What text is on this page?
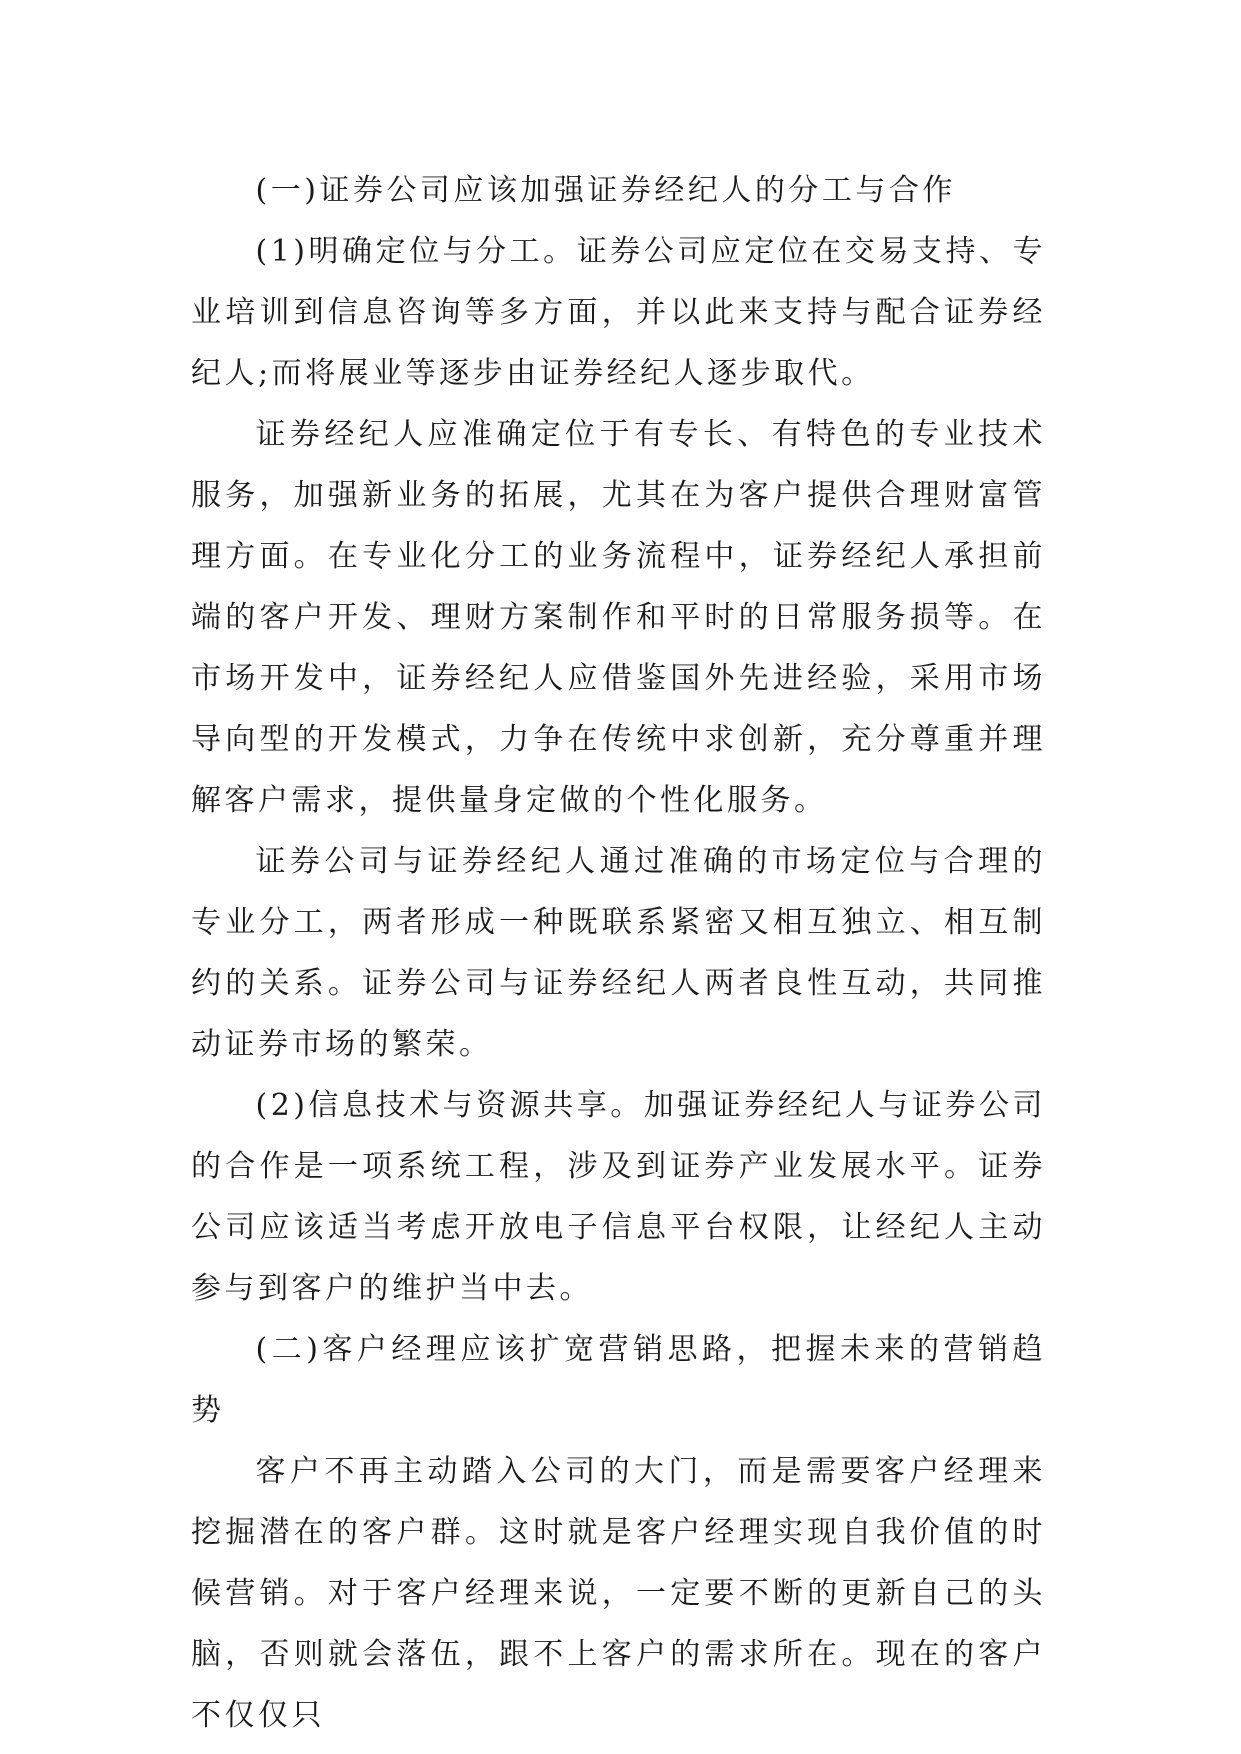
(一)证券公司应该加强证券经纪人的分工与合作

(1)明确定位与分工。证券公司应定位在交易支持、专业培训到信息咨询等多方面，并以此来支持与配合证券经纪人;而将展业等逐步由证券经纪人逐步取代。

证券经纪人应准确定位于有专长、有特色的专业技术服务，加强新业务的拓展，尤其在为客户提供合理财富管理方面。在专业化分工的业务流程中，证券经纪人承担前端的客户开发、理财方案制作和平时的日常服务损等。在市场开发中，证券经纪人应借鉴国外先进经验，采用市场导向型的开发模式，力争在传统中求创新，充分尊重并理解客户需求，提供量身定做的个性化服务。

证券公司与证券经纪人通过准确的市场定位与合理的专业分工，两者形成一种既联系紧密又相互独立、相互制约的关系。证券公司与证券经纪人两者良性互动，共同推动证券市场的繁荣。

(2)信息技术与资源共享。加强证券经纪人与证券公司的合作是一项系统工程，涉及到证券产业发展水平。证券公司应该适当考虑开放电子信息平台权限，让经纪人主动参与到客户的维护当中去。

(二)客户经理应该扩宽营销思路，把握未来的营销趋势

客户不再主动踏入公司的大门，而是需要客户经理来挖掘潜在的客户群。这时就是客户经理实现自我价值的时候营销。对于客户经理来说，一定要不断的更新自己的头脑，否则就会落伍，跟不上客户的需求所在。现在的客户不仅仅只
